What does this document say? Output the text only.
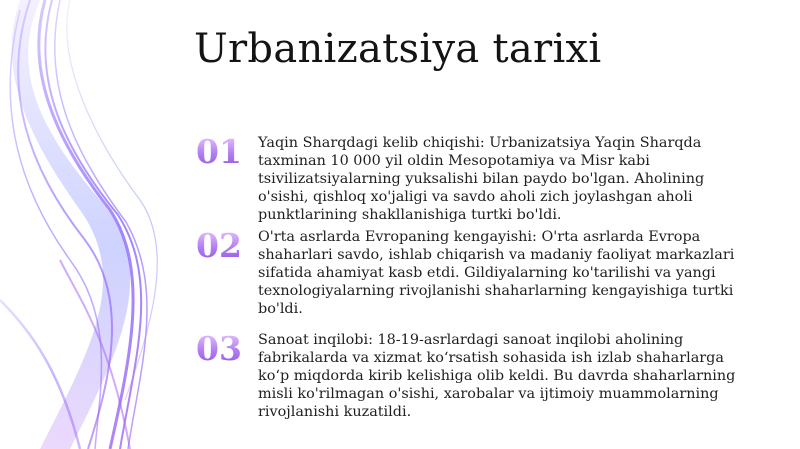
Urbanizatsiya tarixi
01 Yaqin Sharqdagi kelib chiqishi: Urbanizatsiya Yaqin Sharqda taxminan 10 000 yil oldin Mesopotamiya va Misr kabi tsivilizatsiyalarning yuksalishi bilan paydo bo'lgan. Aholining o'sishi, qishloq xo'jaligi va savdo aholi zich joylashgan aholi punktlarining shakllanishiga turtki bo'ldi.

02 O'rta asrlarda Evropaning kengayishi: O'rta asrlarda Evropa shaharlari savdo, ishlab chiqarish va madaniy faoliyat markazlari sifatida ahamiyat kasb etdi. Gildiyalarning ko'tarilishi va yangi texnologiyalarning rivojlanishi shaharlarning kengayishiga turtki bo'ldi.

03 Sanoat inqilobi: 18-19-asrlardagi sanoat inqilobi aholining fabrikalarda va xizmat ko‘rsatish sohasida ish izlab shaharlarga ko‘p miqdorda kirib kelishiga olib keldi. Bu davrda shaharlarning misli ko'rilmagan o'sishi, xarobalar va ijtimoiy muammolarning rivojlanishi kuzatildi.
